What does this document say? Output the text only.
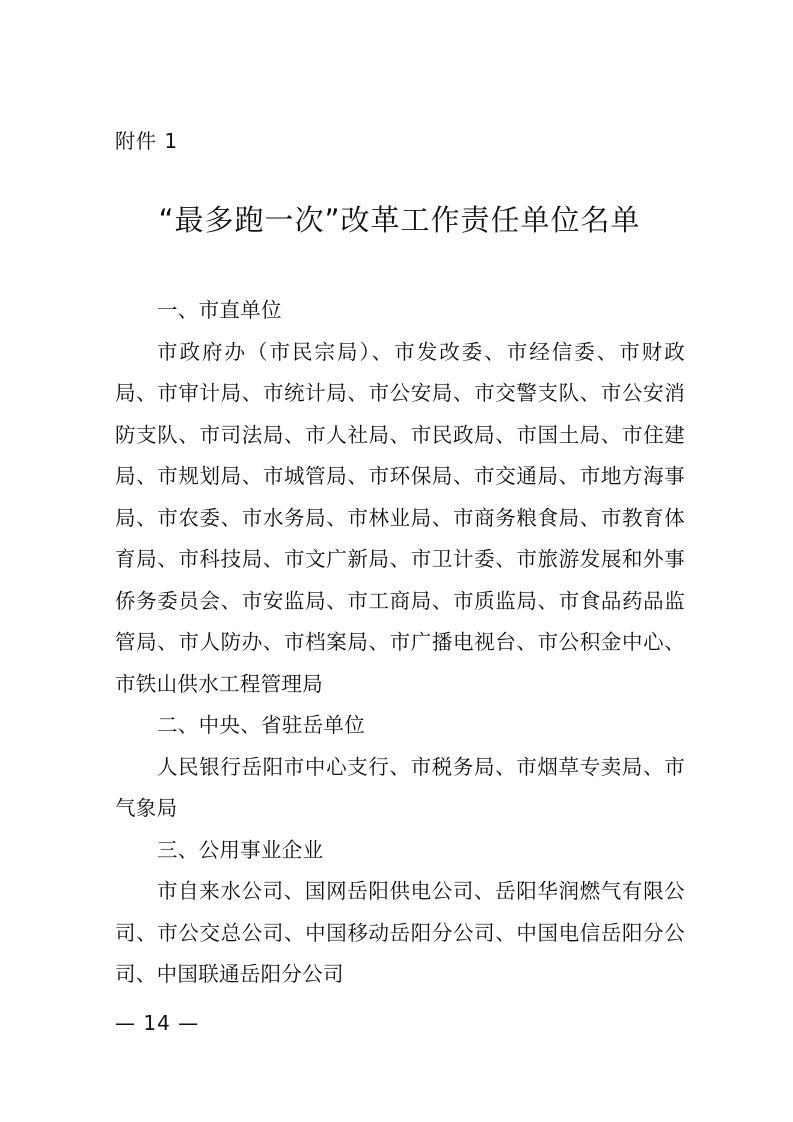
附件 1
“最多跑一次”改革工作责任单位名单

一、市直单位

市政府办（市民宗局）、市发改委、市经信委、市财政局、市审计局、市统计局、市公安局、市交警支队、市公安消防支队、市司法局、市人社局、市民政局、市国土局、市住建局、市规划局、市城管局、市环保局、市交通局、市地方海事局、市农委、市水务局、市林业局、市商务粮食局、市教育体育局、市科技局、市文广新局、市卫计委、市旅游发展和外事侨务委员会、市安监局、市工商局、市质监局、市食品药品监管局、市人防办、市档案局、市广播电视台、市公积金中心、市铁山供水工程管理局

二、中央、省驻岳单位

人民银行岳阳市中心支行、市税务局、市烟草专卖局、市气象局

三、公用事业企业

市自来水公司、国网岳阳供电公司、岳阳华润燃气有限公司、市公交总公司、中国移动岳阳分公司、中国电信岳阳分公司、中国联通岳阳分公司

— 14 —
